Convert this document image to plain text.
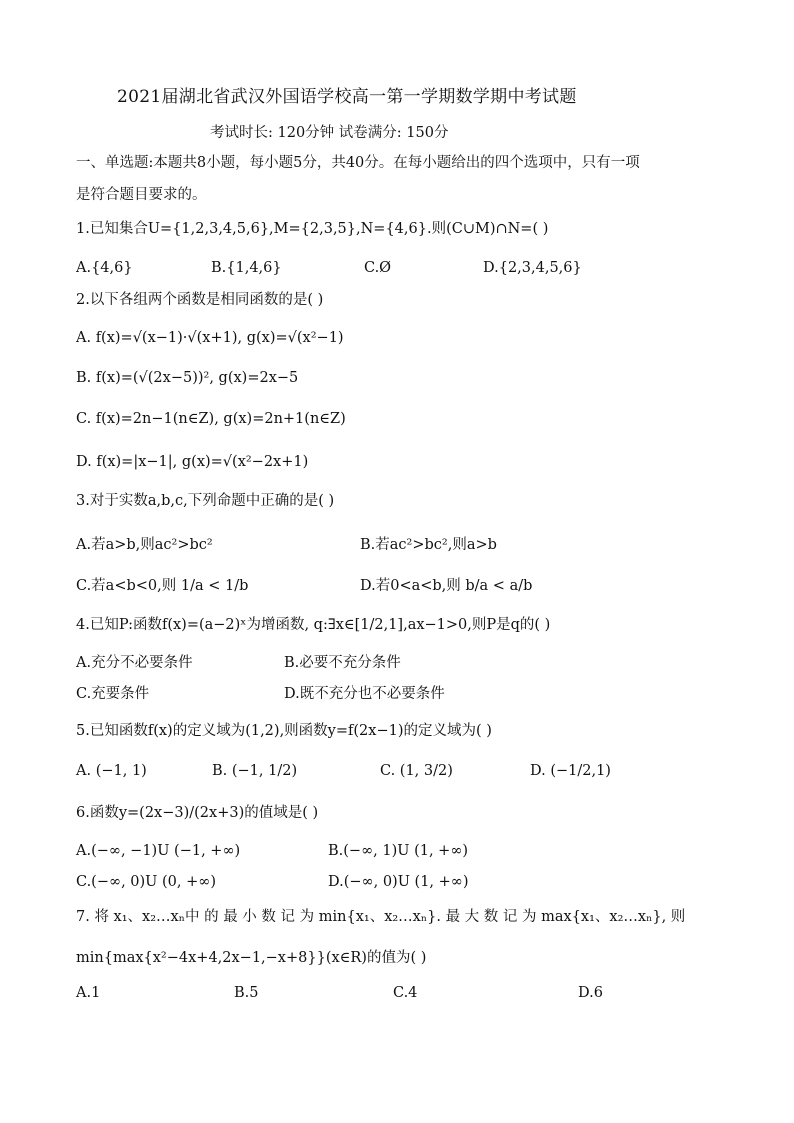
2021届湖北省武汉外国语学校高一第一学期数学期中考试题
考试时长: 120分钟 试卷满分: 150分
一、单选题:本题共8小题，每小题5分，共40分。在每小题给出的四个选项中，只有一项
是符合题目要求的。
1.已知集合U={1,2,3,4,5,6},M={2,3,5},N={4,6}.则(C∪M)∩N=( )
A.{4,6}	B.{1,4,6}	C.Ø	D.{2,3,4,5,6}
2.以下各组两个函数是相同函数的是( )
A. f(x)=√(x−1)·√(x+1), g(x)=√(x²−1)
B. f(x)=(√(2x−5))², g(x)=2x−5
C. f(x)=2n−1(n∈Z), g(x)=2n+1(n∈Z)
D. f(x)=|x−1|, g(x)=√(x²−2x+1)
3.对于实数a,b,c,下列命题中正确的是( )
A.若a>b,则ac²>bc²	B.若ac²>bc²,则a>b
C.若a<b<0,则 1/a < 1/b	D.若0<a<b,则 b/a < a/b
4.已知P:函数f(x)=(a−2)ˣ为增函数, q:∃x∈[1/2,1],ax−1>0,则P是q的( )
A.充分不必要条件	B.必要不充分条件
C.充要条件	D.既不充分也不必要条件
5.已知函数f(x)的定义域为(1,2),则函数y=f(2x−1)的定义域为( )
A. (−1, 1)	B. (−1, 1/2)	C. (1, 3/2)	D. (−1/2,1)
6.函数y=(2x−3)/(2x+3)的值域是( )
A.(−∞, −1)U (−1, +∞)	B.(−∞, 1)U (1, +∞)
C.(−∞, 0)U (0, +∞)	D.(−∞, 0)U (1, +∞)
7. 将 x₁、x₂…xₙ中 的 最 小 数 记 为 min{x₁、x₂…xₙ}. 最 大 数 记 为 max{x₁、x₂…xₙ}, 则
min{max{x²−4x+4,2x−1,−x+8}}(x∈R)的值为( )
A.1	B.5	C.4	D.6
